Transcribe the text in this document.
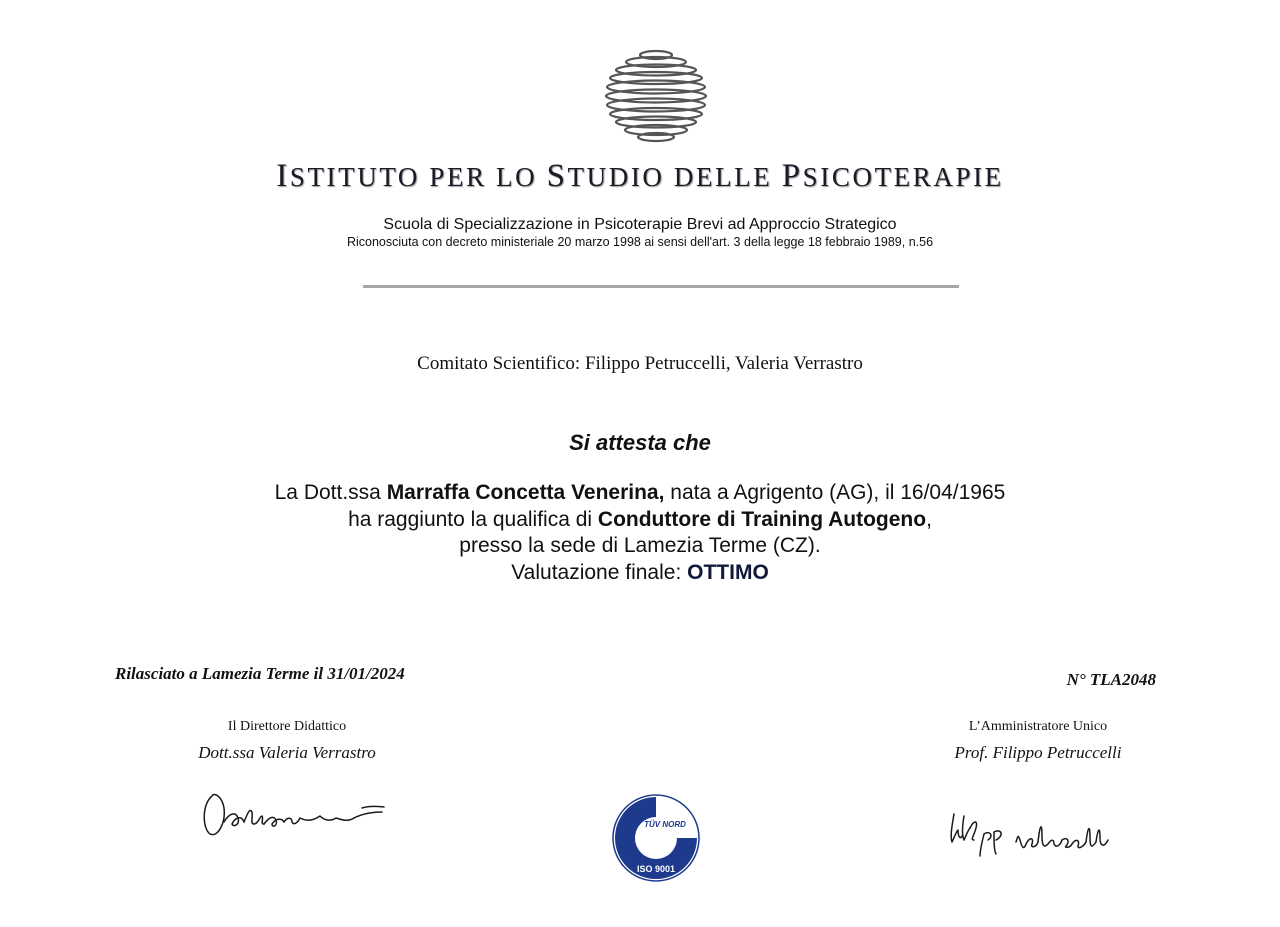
ISTITUTO PER LO STUDIO DELLE PSICOTERAPIE
Scuola di Specializzazione in Psicoterapie Brevi ad Approccio Strategico
Riconosciuta con decreto ministeriale 20 marzo 1998 ai sensi dell'art. 3 della legge 18 febbraio 1989, n.56
Comitato Scientifico: Filippo Petruccelli, Valeria Verrastro
Si attesta che
La Dott.ssa Marraffa Concetta Venerina, nata a Agrigento (AG), il 16/04/1965
ha raggiunto la qualifica di Conduttore di Training Autogeno,
presso la sede di Lamezia Terme (CZ).
Valutazione finale: OTTIMO
Rilasciato a Lamezia Terme il 31/01/2024	N° TLA2048
Il Direttore Didattico
Dott.ssa Valeria Verrastro
L’Amministratore Unico
Prof. Filippo Petruccelli
TÜV NORD
TÜV NORD Italia S.r.l.
ISO 9001
